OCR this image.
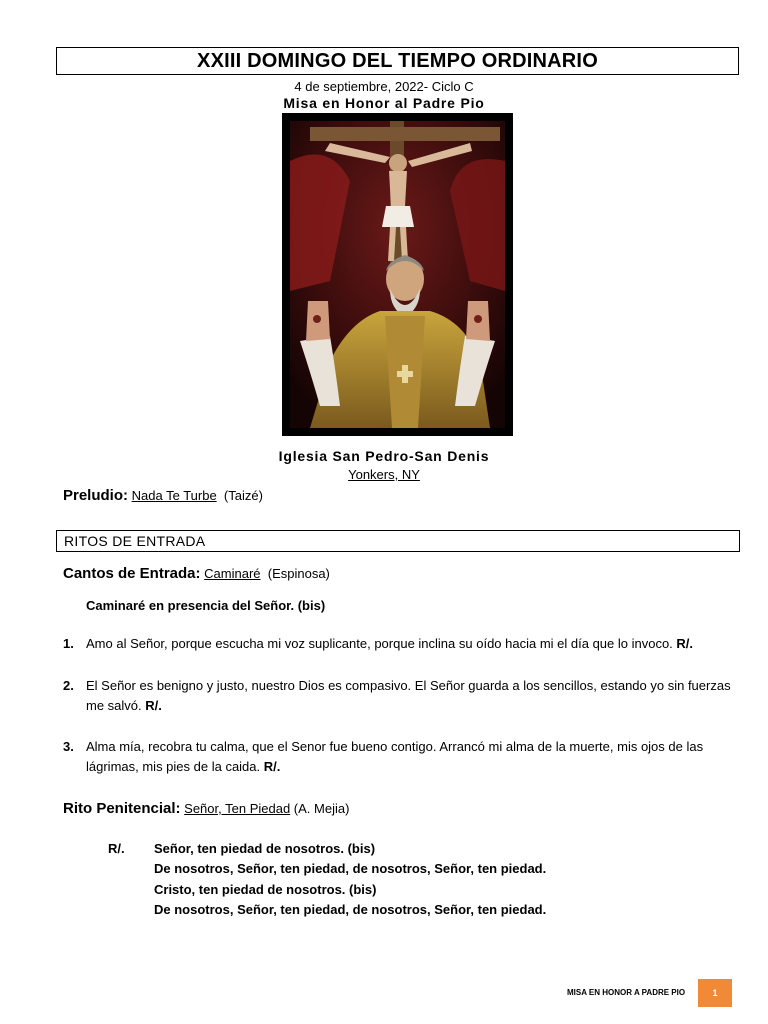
XXIII DOMINGO DEL TIEMPO ORDINARIO
4 de septiembre, 2022- Ciclo C
Misa en Honor al Padre Pio
Iglesia San Pedro-San Denis
Yonkers, NY
Preludio: Nada Te Turbe (Taizé)
RITOS DE ENTRADA
Cantos de Entrada: Caminaré (Espinosa)
Caminaré en presencia del Señor. (bis)
1. Amo al Señor, porque escucha mi voz suplicante, porque inclina su oído hacia mi el día que lo invoco. R/.
2. El Señor es benigno y justo, nuestro Dios es compasivo. El Señor guarda a los sencillos, estando yo sin fuerzas me salvó. R/.
3. Alma mía, recobra tu calma, que el Senor fue bueno contigo. Arrancó mi alma de la muerte, mis ojos de las lágrimas, mis pies de la caida. R/.
Rito Penitencial: Señor, Ten Piedad (A. Mejia)
R/. Señor, ten piedad de nosotros. (bis)
De nosotros, Señor, ten piedad, de nosotros, Señor, ten piedad.
Cristo, ten piedad de nosotros. (bis)
De nosotros, Señor, ten piedad, de nosotros, Señor, ten piedad.
MISA EN HONOR A PADRE PIO	1
